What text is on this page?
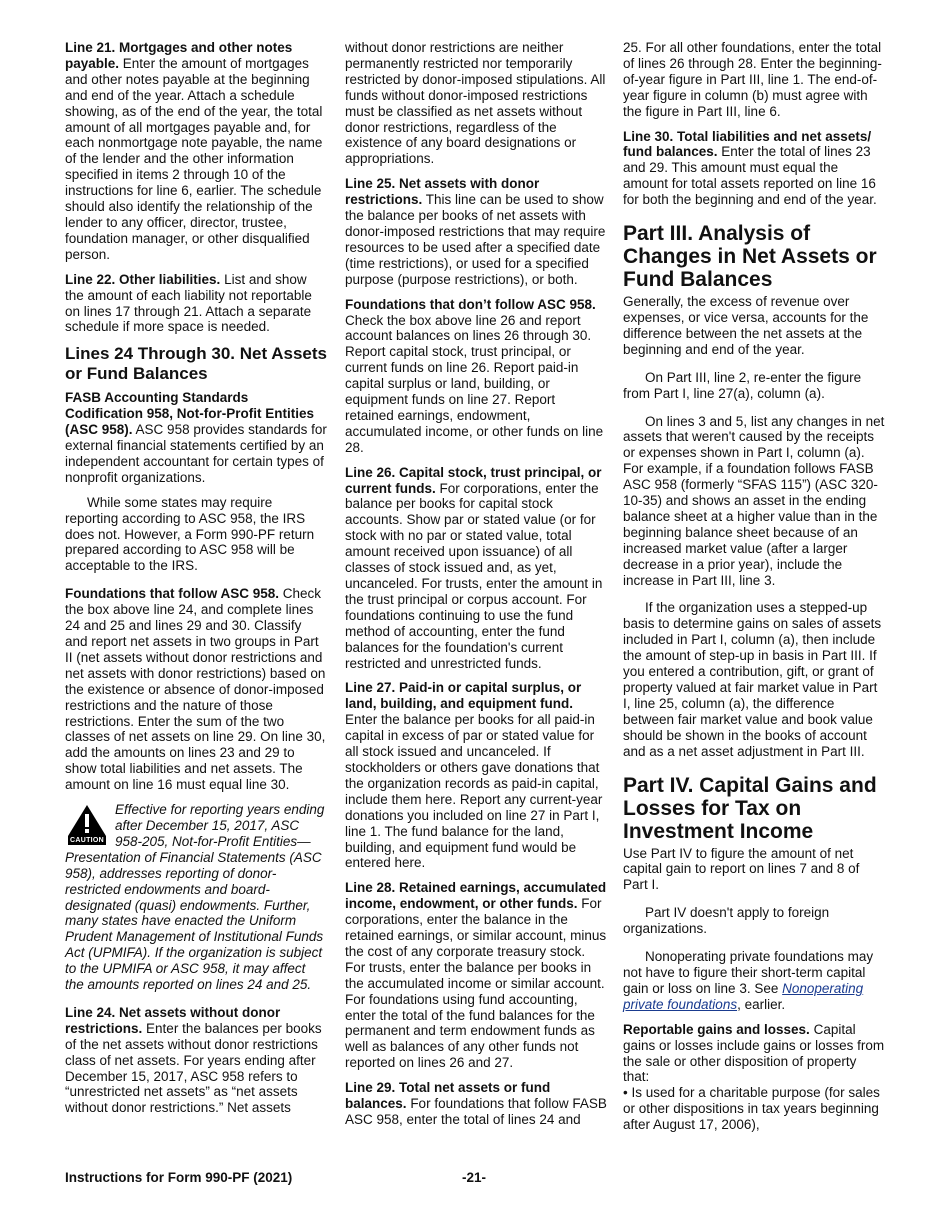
Line 21. Mortgages and other notes payable. Enter the amount of mortgages and other notes payable at the beginning and end of the year. Attach a schedule showing, as of the end of the year, the total amount of all mortgages payable and, for each nonmortgage note payable, the name of the lender and the other information specified in items 2 through 10 of the instructions for line 6, earlier. The schedule should also identify the relationship of the lender to any officer, director, trustee, foundation manager, or other disqualified person.

Line 22. Other liabilities. List and show the amount of each liability not reportable on lines 17 through 21. Attach a separate schedule if more space is needed.

Lines 24 Through 30. Net Assets or Fund Balances

FASB Accounting Standards Codification 958, Not-for-Profit Entities (ASC 958). ASC 958 provides standards for external financial statements certified by an independent accountant for certain types of nonprofit organizations.

While some states may require reporting according to ASC 958, the IRS does not. However, a Form 990-PF return prepared according to ASC 958 will be acceptable to the IRS.

Foundations that follow ASC 958. Check the box above line 24, and complete lines 24 and 25 and lines 29 and 30. Classify and report net assets in two groups in Part II (net assets without donor restrictions and net assets with donor restrictions) based on the existence or absence of donor-imposed restrictions and the nature of those restrictions. Enter the sum of the two classes of net assets on line 29. On line 30, add the amounts on lines 23 and 29 to show total liabilities and net assets. The amount on line 16 must equal line 30.

CAUTION

Effective for reporting years ending after December 15, 2017, ASC 958-205, Not-for-Profit Entities—Presentation of Financial Statements (ASC 958), addresses reporting of donor-restricted endowments and board-designated (quasi) endowments. Further, many states have enacted the Uniform Prudent Management of Institutional Funds Act (UPMIFA). If the organization is subject to the UPMIFA or ASC 958, it may affect the amounts reported on lines 24 and 25.

Line 24. Net assets without donor restrictions. Enter the balances per books of the net assets without donor restrictions class of net assets. For years ending after December 15, 2017, ASC 958 refers to “unrestricted net assets” as “net assets without donor restrictions.” Net assets

without donor restrictions are neither permanently restricted nor temporarily restricted by donor-imposed stipulations. All funds without donor-imposed restrictions must be classified as net assets without donor restrictions, regardless of the existence of any board designations or appropriations.

Line 25. Net assets with donor restrictions. This line can be used to show the balance per books of net assets with donor-imposed restrictions that may require resources to be used after a specified date (time restrictions), or used for a specified purpose (purpose restrictions), or both.

Foundations that don’t follow ASC 958. Check the box above line 26 and report account balances on lines 26 through 30. Report capital stock, trust principal, or current funds on line 26. Report paid-in capital surplus or land, building, or equipment funds on line 27. Report retained earnings, endowment, accumulated income, or other funds on line 28.

Line 26. Capital stock, trust principal, or current funds. For corporations, enter the balance per books for capital stock accounts. Show par or stated value (or for stock with no par or stated value, total amount received upon issuance) of all classes of stock issued and, as yet, uncanceled. For trusts, enter the amount in the trust principal or corpus account. For foundations continuing to use the fund method of accounting, enter the fund balances for the foundation's current restricted and unrestricted funds.

Line 27. Paid-in or capital surplus, or land, building, and equipment fund. Enter the balance per books for all paid-in capital in excess of par or stated value for all stock issued and uncanceled. If stockholders or others gave donations that the organization records as paid-in capital, include them here. Report any current-year donations you included on line 27 in Part I, line 1. The fund balance for the land, building, and equipment fund would be entered here.

Line 28. Retained earnings, accumulated income, endowment, or other funds. For corporations, enter the balance in the retained earnings, or similar account, minus the cost of any corporate treasury stock. For trusts, enter the balance per books in the accumulated income or similar account. For foundations using fund accounting, enter the total of the fund balances for the permanent and term endowment funds as well as balances of any other funds not reported on lines 26 and 27.

Line 29. Total net assets or fund balances. For foundations that follow FASB ASC 958, enter the total of lines 24 and

25. For all other foundations, enter the total of lines 26 through 28. Enter the beginning-of-year figure in Part III, line 1. The end-of-year figure in column (b) must agree with the figure in Part III, line 6.

Line 30. Total liabilities and net assets/ fund balances. Enter the total of lines 23 and 29. This amount must equal the amount for total assets reported on line 16 for both the beginning and end of the year.

Part III. Analysis of Changes in Net Assets or Fund Balances

Generally, the excess of revenue over expenses, or vice versa, accounts for the difference between the net assets at the beginning and end of the year.

On Part III, line 2, re-enter the figure from Part I, line 27(a), column (a).

On lines 3 and 5, list any changes in net assets that weren't caused by the receipts or expenses shown in Part I, column (a). For example, if a foundation follows FASB ASC 958 (formerly “SFAS 115”) (ASC 320-10-35) and shows an asset in the ending balance sheet at a higher value than in the beginning balance sheet because of an increased market value (after a larger decrease in a prior year), include the increase in Part III, line 3.

If the organization uses a stepped-up basis to determine gains on sales of assets included in Part I, column (a), then include the amount of step-up in basis in Part III. If you entered a contribution, gift, or grant of property valued at fair market value in Part I, line 25, column (a), the difference between fair market value and book value should be shown in the books of account and as a net asset adjustment in Part III.

Part IV. Capital Gains and Losses for Tax on Investment Income

Use Part IV to figure the amount of net capital gain to report on lines 7 and 8 of Part I.

Part IV doesn't apply to foreign organizations.

Nonoperating private foundations may not have to figure their short-term capital gain or loss on line 3. See Nonoperating private foundations, earlier.

Reportable gains and losses. Capital gains or losses include gains or losses from the sale or other disposition of property that:

• Is used for a charitable purpose (for sales or other dispositions in tax years beginning after August 17, 2006),

Instructions for Form 990-PF (2021)	-21-
